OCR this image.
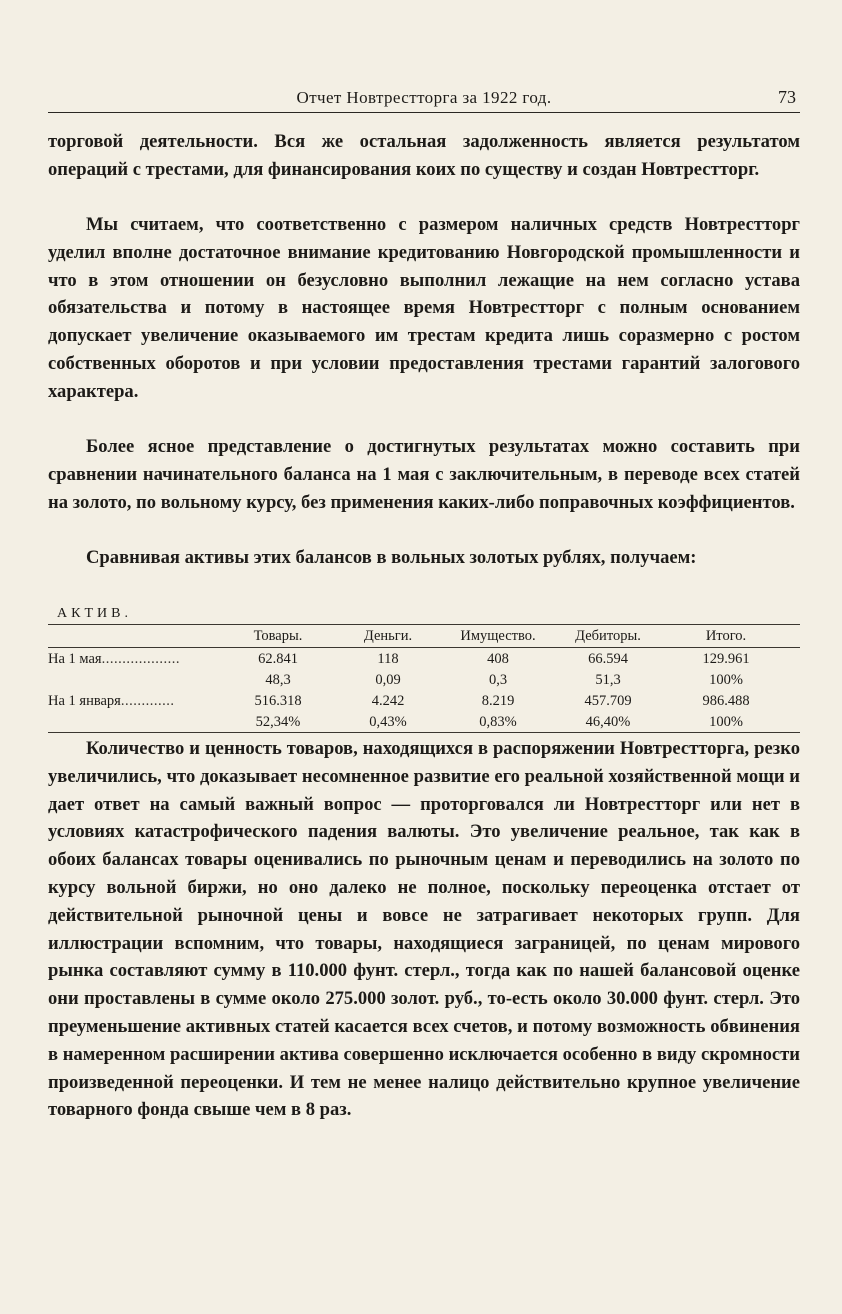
Отчет Новтрестторга за 1922 год.	73

торговой деятельности. Вся же остальная задолженность является результатом операций с трестами, для финансирования коих по существу и создан Новтрестторг.

Мы считаем, что соответственно с размером наличных средств Новтрестторг уделил вполне достаточное внимание кредитованию Новгородской промышленности и что в этом отношении он безусловно выполнил лежащие на нем согласно устава обязательства и потому в настоящее время Новтрестторг с полным основанием допускает увеличение оказываемого им трестам кредита лишь соразмерно с ростом собственных оборотов и при условии предоставления трестами гарантий залогового характера.

Более ясное представление о достигнутых результатах можно составить при сравнении начинательного баланса на 1 мая с заключительным, в переводе всех статей на золото, по вольному курсу, без применения каких-либо поправочных коэффициентов.

Сравнивая активы этих балансов в вольных золотых рублях, получаем:

АКТИВ.
Товары.	Деньги.	Имущество.	Дебиторы.	Итого.
На 1 мая...................	62.841	118	408	66.594	129.961
48,3	0,09	0,3	51,3	100%
На 1 января.............	516.318	4.242	8.219	457.709	986.488
52,34%	0,43%	0,83%	46,40%	100%

Количество и ценность товаров, находящихся в распоряжении Новтрестторга, резко увеличились, что доказывает несомненное развитие его реальной хозяйственной мощи и дает ответ на самый важный вопрос — проторговался ли Новтрестторг или нет в условиях катастрофического падения валюты. Это увеличение реальное, так как в обоих балансах товары оценивались по рыночным ценам и переводились на золото по курсу вольной биржи, но оно далеко не полное, поскольку переоценка отстает от действительной рыночной цены и вовсе не затрагивает некоторых групп. Для иллюстрации вспомним, что товары, находящиеся заграницей, по ценам мирового рынка составляют сумму в 110.000 фунт. стерл., тогда как по нашей балансовой оценке они проставлены в сумме около 275.000 золот. руб., то-есть около 30.000 фунт. стерл. Это преуменьшение активных статей касается всех счетов, и потому возможность обвинения в намеренном расширении актива совершенно исключается особенно в виду скромности произведенной переоценки. И тем не менее налицо действительно крупное увеличение товарного фонда свыше чем в 8 раз.
